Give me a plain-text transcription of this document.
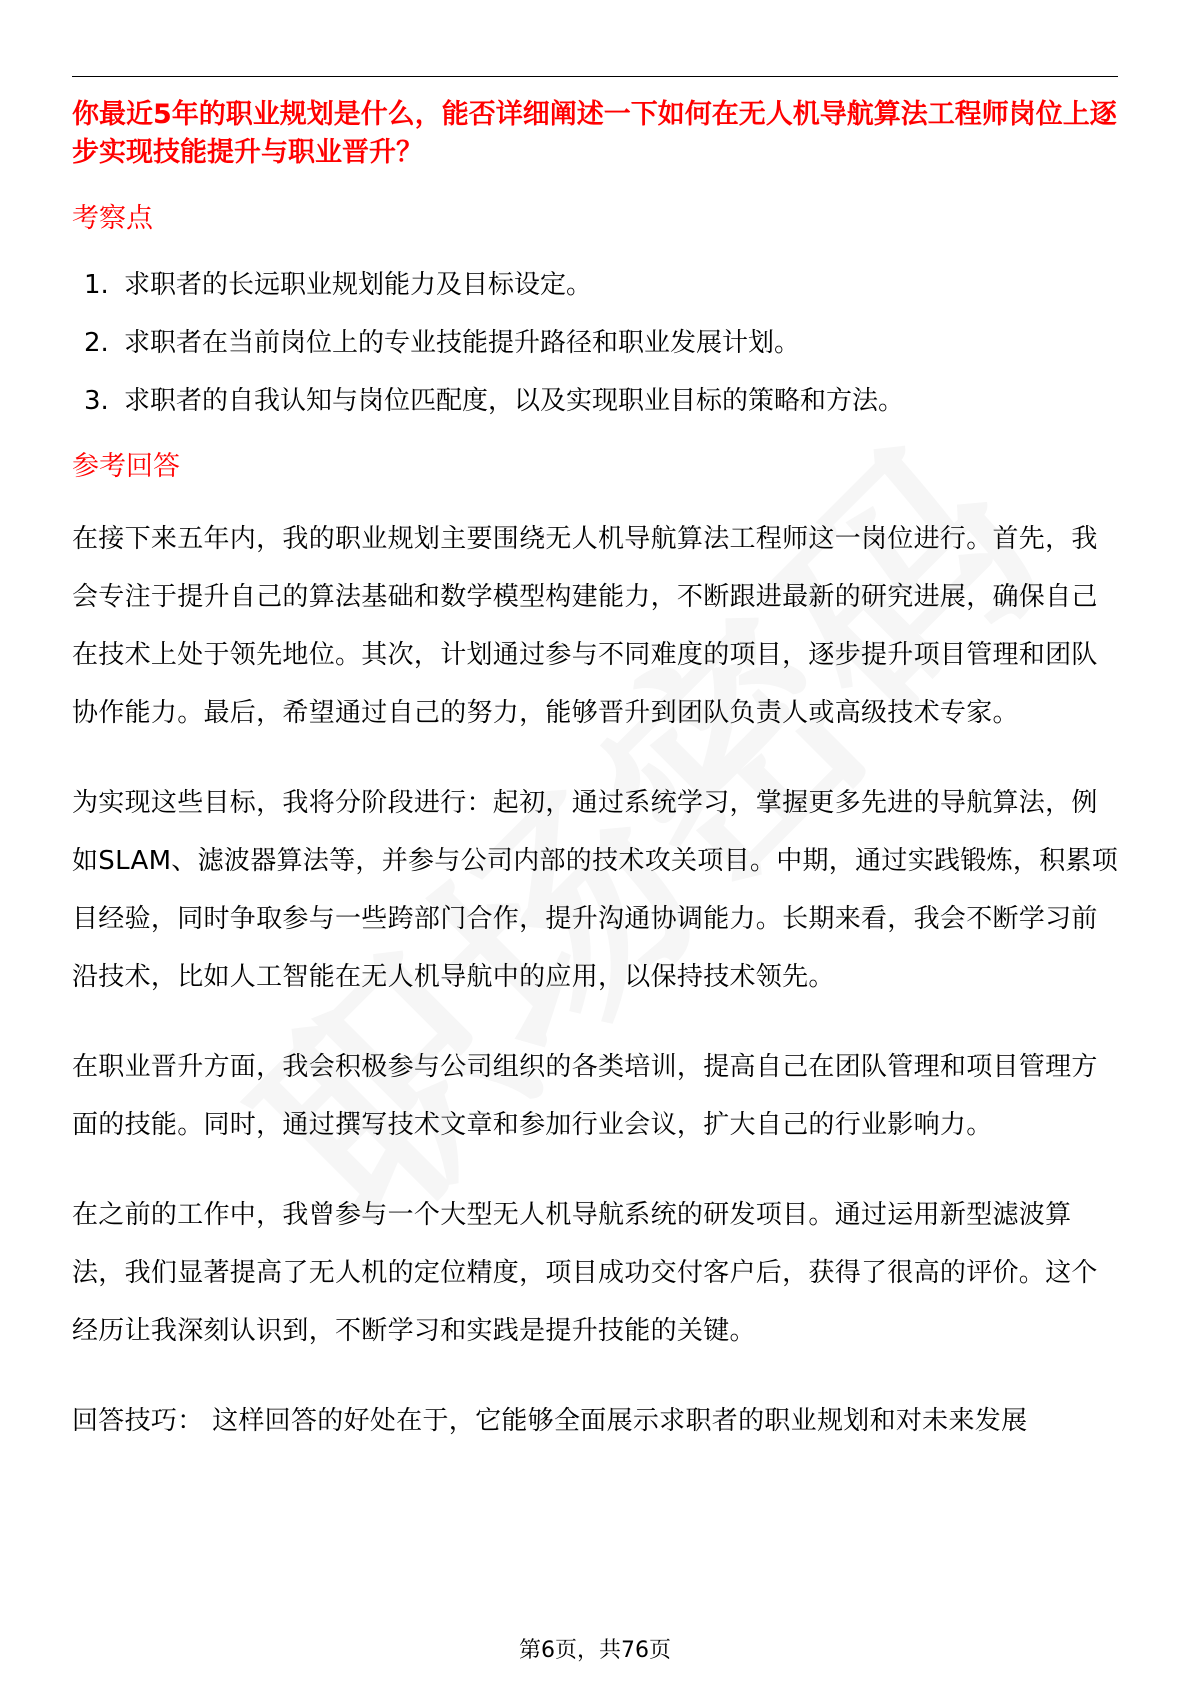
你最近5年的职业规划是什么，能否详细阐述一下如何在无人机导航算法工程师岗位上逐步实现技能提升与职业晋升？
考察点
1. 求职者的长远职业规划能力及目标设定。
2. 求职者在当前岗位上的专业技能提升路径和职业发展计划。
3. 求职者的自我认知与岗位匹配度，以及实现职业目标的策略和方法。
参考回答

在接下来五年内，我的职业规划主要围绕无人机导航算法工程师这一岗位进行。首先，我会专注于提升自己的算法基础和数学模型构建能力，不断跟进最新的研究进展，确保自己在技术上处于领先地位。其次，计划通过参与不同难度的项目，逐步提升项目管理和团队协作能力。最后，希望通过自己的努力，能够晋升到团队负责人或高级技术专家。

为实现这些目标，我将分阶段进行：起初，通过系统学习，掌握更多先进的导航算法，例如SLAM、滤波器算法等，并参与公司内部的技术攻关项目。中期，通过实践锻炼，积累项目经验，同时争取参与一些跨部门合作，提升沟通协调能力。长期来看，我会不断学习前沿技术，比如人工智能在无人机导航中的应用，以保持技术领先。

在职业晋升方面，我会积极参与公司组织的各类培训，提高自己在团队管理和项目管理方面的技能。同时，通过撰写技术文章和参加行业会议，扩大自己的行业影响力。

在之前的工作中，我曾参与一个大型无人机导航系统的研发项目。通过运用新型滤波算法，我们显著提高了无人机的定位精度，项目成功交付客户后，获得了很高的评价。这个经历让我深刻认识到，不断学习和实践是提升技能的关键。

回答技巧： 这样回答的好处在于，它能够全面展示求职者的职业规划和对未来发展

第6页，共76页
